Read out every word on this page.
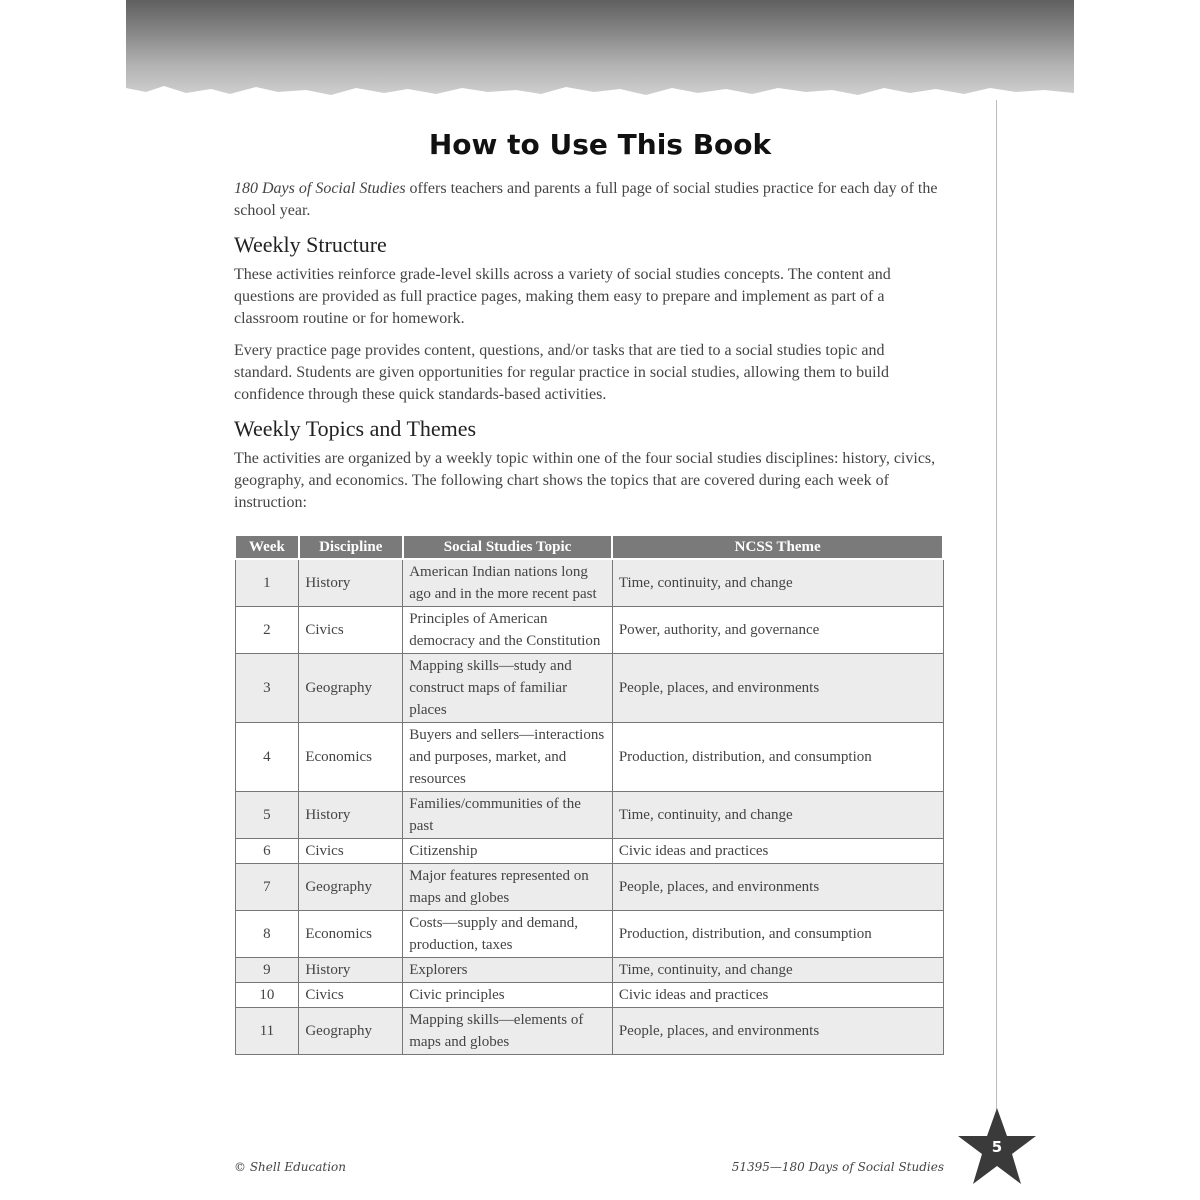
How to Use This Book

180 Days of Social Studies offers teachers and parents a full page of social studies practice for each day of the school year.

Weekly Structure

These activities reinforce grade-level skills across a variety of social studies concepts. The content and questions are provided as full practice pages, making them easy to prepare and implement as part of a classroom routine or for homework.

Every practice page provides content, questions, and/or tasks that are tied to a social studies topic and standard. Students are given opportunities for regular practice in social studies, allowing them to build confidence through these quick standards-based activities.

Weekly Topics and Themes

The activities are organized by a weekly topic within one of the four social studies disciplines: history, civics, geography, and economics. The following chart shows the topics that are covered during each week of instruction:

Week	Discipline	Social Studies Topic	NCSS Theme
1	History	American Indian nations long ago and in the more recent past	Time, continuity, and change
2	Civics	Principles of American democracy and the Constitution	Power, authority, and governance
3	Geography	Mapping skills—study and construct maps of familiar places	People, places, and environments
4	Economics	Buyers and sellers—interactions and purposes, market, and resources	Production, distribution, and consumption
5	History	Families/communities of the past	Time, continuity, and change
6	Civics	Citizenship	Civic ideas and practices
7	Geography	Major features represented on maps and globes	People, places, and environments
8	Economics	Costs—supply and demand, production, taxes	Production, distribution, and consumption
9	History	Explorers	Time, continuity, and change
10	Civics	Civic principles	Civic ideas and practices
11	Geography	Mapping skills—elements of maps and globes	People, places, and environments
© Shell Education	51395—180 Days of Social Studies
5
